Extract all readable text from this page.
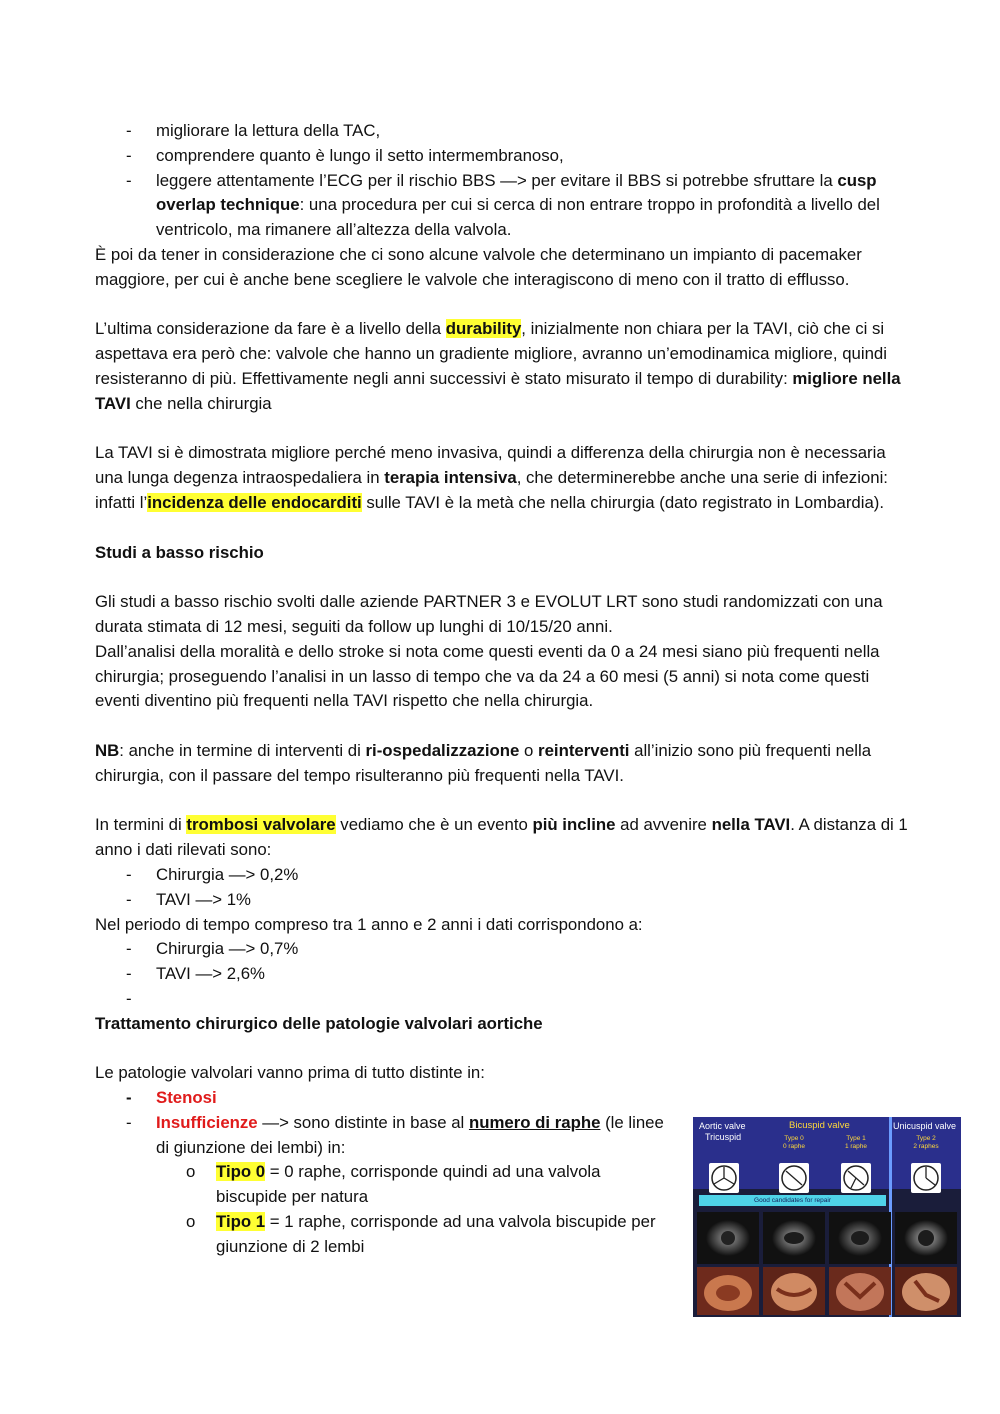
- migliorare la lettura della TAC,
- comprendere quanto è lungo il setto intermembranoso,
- leggere attentamente l’ECG per il rischio BBS —> per evitare il BBS si potrebbe sfruttare la cusp overlap technique: una procedura per cui si cerca di non entrare troppo in profondità a livello del ventricolo, ma rimanere all’altezza della valvola.

È poi da tener in considerazione che ci sono alcune valvole che determinano un impianto di pacemaker maggiore, per cui è anche bene scegliere le valvole che interagiscono di meno con il tratto di efflusso.

L’ultima considerazione da fare è a livello della durability, inizialmente non chiara per la TAVI, ciò che ci si aspettava era però che: valvole che hanno un gradiente migliore, avranno un’emodinamica migliore, quindi resisteranno di più. Effettivamente negli anni successivi è stato misurato il tempo di durability: migliore nella TAVI che nella chirurgia

La TAVI si è dimostrata migliore perché meno invasiva, quindi a differenza della chirurgia non è necessaria una lunga degenza intraospedaliera in terapia intensiva, che determinerebbe anche una serie di infezioni: infatti l’incidenza delle endocarditi sulle TAVI è la metà che nella chirurgia (dato registrato in Lombardia).

Studi a basso rischio

Gli studi a basso rischio svolti dalle aziende PARTNER 3 e EVOLUT LRT sono studi randomizzati con una durata stimata di 12 mesi, seguiti da follow up lunghi di 10/15/20 anni.

Dall’analisi della moralità e dello stroke si nota come questi eventi da 0 a 24 mesi siano più frequenti nella chirurgia; proseguendo l’analisi in un lasso di tempo che va da 24 a 60 mesi (5 anni) si nota come questi eventi diventino più frequenti nella TAVI rispetto che nella chirurgia.

NB: anche in termine di interventi di ri-ospedalizzazione o reinterventi all’inizio sono più frequenti nella chirurgia, con il passare del tempo risulteranno più frequenti nella TAVI.

In termini di trombosi valvolare vediamo che è un evento più incline ad avvenire nella TAVI. A distanza di 1 anno i dati rilevati sono:

- Chirurgia —> 0,2%
- TAVI —> 1%

Nel periodo di tempo compreso tra 1 anno e 2 anni i dati corrispondono a:

- Chirurgia —> 0,7%
- TAVI —> 2,6%
-

Trattamento chirurgico delle patologie valvolari aortiche

Le patologie valvolari vanno prima di tutto distinte in:

- Stenosi
- Insufficienze —> sono distinte in base al numero di raphe (le linee di giunzione dei lembi) in:
o Tipo 0 = 0 raphe, corrisponde quindi ad una valvola biscupide per natura
o Tipo 1 = 1 raphe, corrisponde ad una valvola biscupide per giunzione di 2 lembi
Aortic valve
Tricuspid
Bicuspid valve
Type 0
0 raphe
Type 1
1 raphe
Unicuspid valve
Type 2
2 raphes
Good candidates for repair
